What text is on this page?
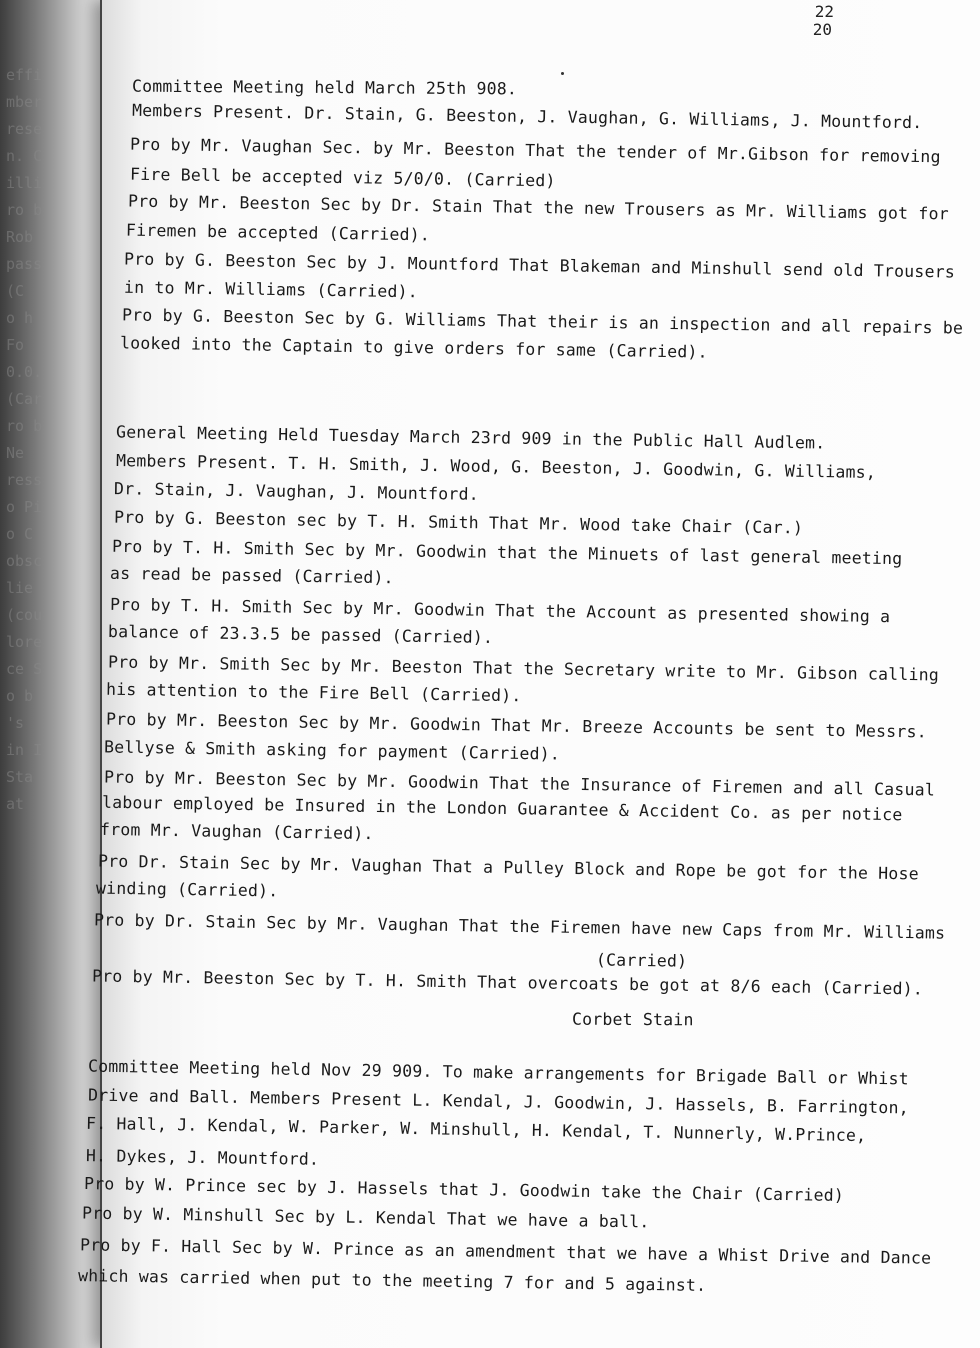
effi
mber
rese
n. C
illi
ro b
Rob
pass
(C
o h
Fo
0.0.
(Car
ro b
Ne
ress
o Pi
o C
obsc
lie
(cou
lore
ce S
o b
's
in I
Sta
at
22
20
Committee Meeting held March 25th 908.
Members Present. Dr. Stain, G. Beeston, J. Vaughan, G. Williams, J. Mountford.
Pro by Mr. Vaughan Sec. by Mr. Beeston That the tender of Mr.Gibson for removing
Fire Bell be accepted viz 5/0/0. (Carried)
Pro by Mr. Beeston Sec by Dr. Stain That the new Trousers as Mr. Williams got for
Firemen be accepted (Carried).
Pro by G. Beeston Sec by J. Mountford That Blakeman and Minshull send old Trousers
in to Mr. Williams (Carried).
Pro by G. Beeston Sec by G. Williams That their is an inspection and all repairs be
looked into the Captain to give orders for same (Carried).
General Meeting Held Tuesday March 23rd 909 in the Public Hall Audlem.
Members Present. T. H. Smith, J. Wood, G. Beeston, J. Goodwin, G. Williams,
Dr. Stain, J. Vaughan, J. Mountford.
Pro by G. Beeston sec by T. H. Smith That Mr. Wood take Chair (Car.)
Pro by T. H. Smith Sec by Mr. Goodwin that the Minuets of last general meeting
as read be passed (Carried).
Pro by T. H. Smith Sec by Mr. Goodwin That the Account as presented showing a
balance of 23.3.5 be passed (Carried).
Pro by Mr. Smith Sec by Mr. Beeston That the Secretary write to Mr. Gibson calling
his attention to the Fire Bell (Carried).
Pro by Mr. Beeston Sec by Mr. Goodwin That Mr. Breeze Accounts be sent to Messrs.
Bellyse & Smith asking for payment (Carried).
Pro by Mr. Beeston Sec by Mr. Goodwin That the Insurance of Firemen and all Casual
labour employed be Insured in the London Guarantee & Accident Co. as per notice
from Mr. Vaughan (Carried).
Pro Dr. Stain Sec by Mr. Vaughan That a Pulley Block and Rope be got for the Hose
winding (Carried).
Pro by Dr. Stain Sec by Mr. Vaughan That the Firemen have new Caps from Mr. Williams
(Carried)
Pro by Mr. Beeston Sec by T. H. Smith That overcoats be got at 8/6 each (Carried).
Corbet Stain
Committee Meeting held Nov 29 909. To make arrangements for Brigade Ball or Whist
Drive and Ball. Members Present L. Kendal, J. Goodwin, J. Hassels, B. Farrington,
F. Hall, J. Kendal, W. Parker, W. Minshull, H. Kendal, T. Nunnerly, W.Prince,
H. Dykes, J. Mountford.
Pro by W. Prince sec by J. Hassels that J. Goodwin take the Chair (Carried)
Pro by W. Minshull Sec by L. Kendal That we have a ball.
Pro by F. Hall Sec by W. Prince as an amendment that we have a Whist Drive and Dance
which was carried when put to the meeting 7 for and 5 against.
